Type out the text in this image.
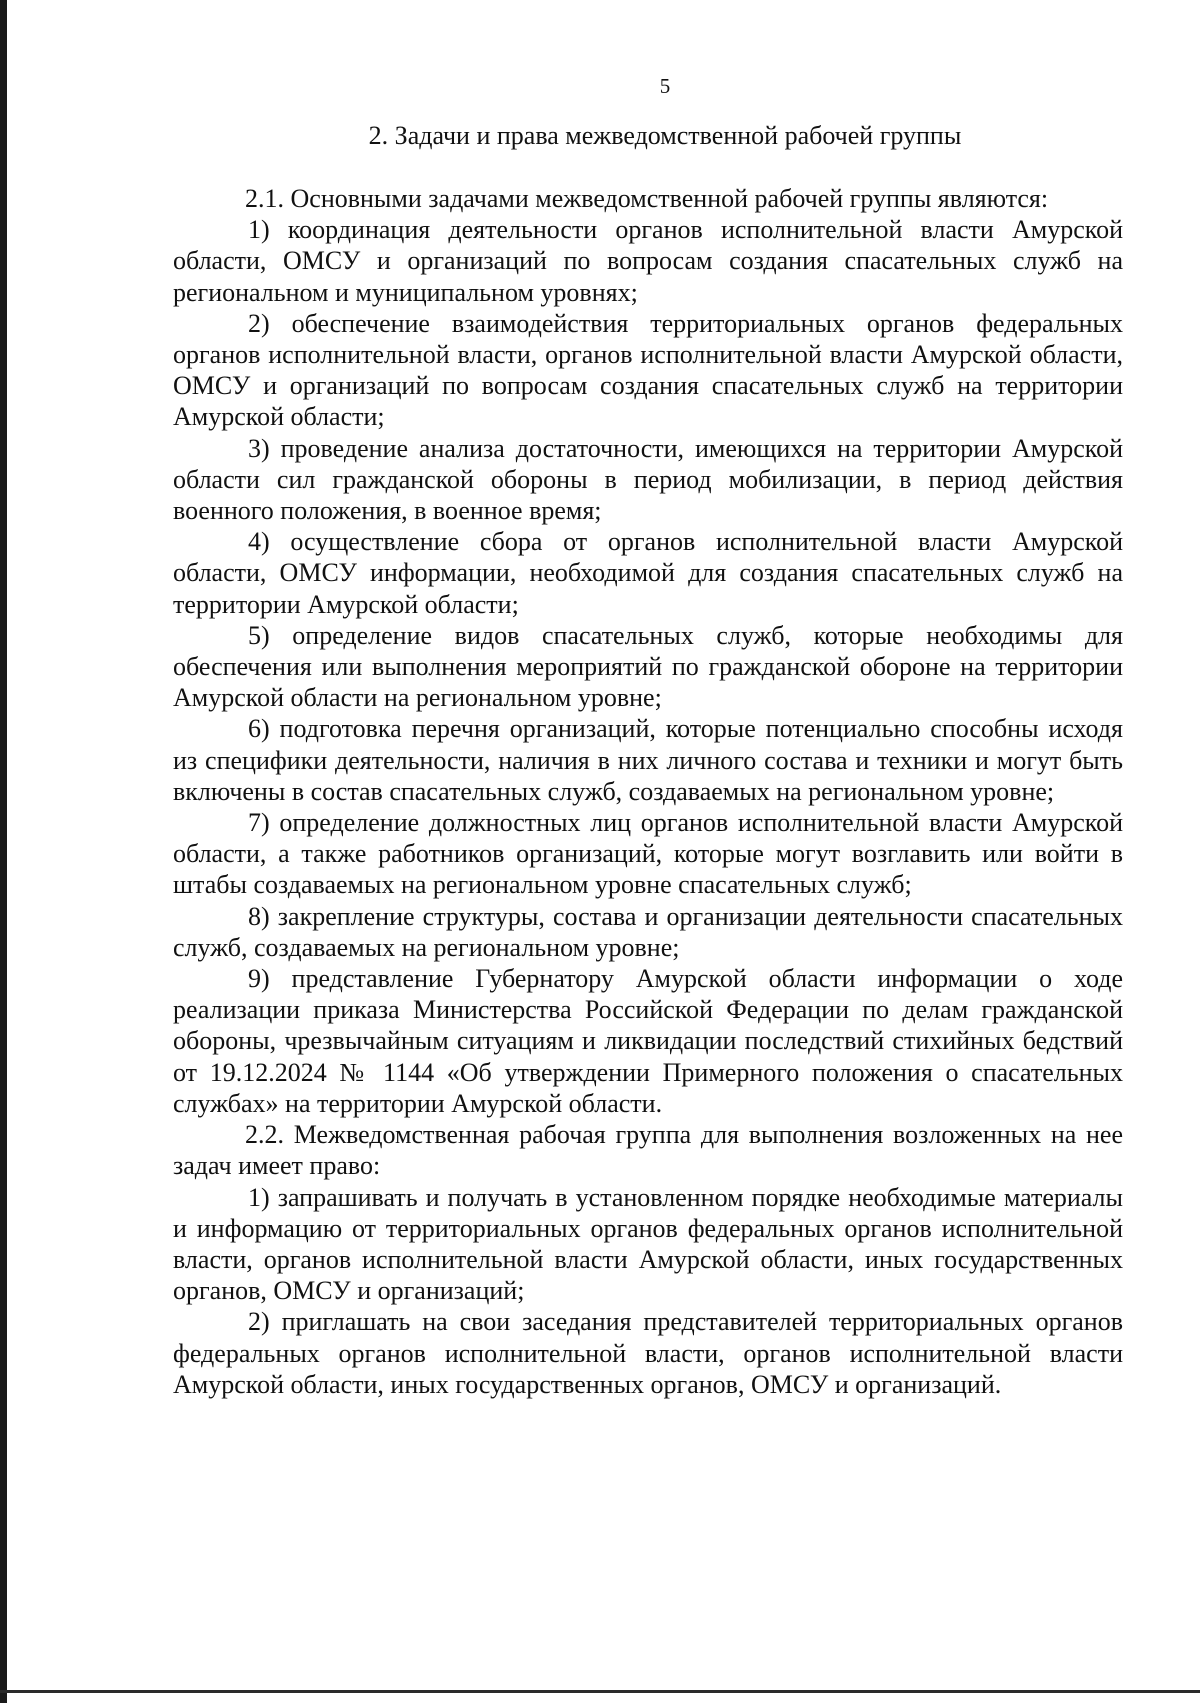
5
2. Задачи и права межведомственной рабочей группы

2.1. Основными задачами межведомственной рабочей группы являются:

1) координация деятельности органов исполнительной власти Амурской области, ОМСУ и организаций по вопросам создания спасательных служб на региональном и муниципальном уровнях;

2) обеспечение взаимодействия территориальных органов федеральных органов исполнительной власти, органов исполнительной власти Амурской области, ОМСУ и организаций по вопросам создания спасательных служб на территории Амурской области;

3) проведение анализа достаточности, имеющихся на территории Амурской области сил гражданской обороны в период мобилизации, в период действия военного положения, в военное время;

4) осуществление сбора от органов исполнительной власти Амурской области, ОМСУ информации, необходимой для создания спасательных служб на территории Амурской области;

5) определение видов спасательных служб, которые необходимы для обеспечения или выполнения мероприятий по гражданской обороне на территории Амурской области на региональном уровне;

6) подготовка перечня организаций, которые потенциально способны исходя из специфики деятельности, наличия в них личного состава и техники и могут быть включены в состав спасательных служб, создаваемых на региональном уровне;

7) определение должностных лиц органов исполнительной власти Амурской области, а также работников организаций, которые могут возглавить или войти в штабы создаваемых на региональном уровне спасательных служб;

8) закрепление структуры, состава и организации деятельности спасательных служб, создаваемых на региональном уровне;

9) представление Губернатору Амурской области информации о ходе реализации приказа Министерства Российской Федерации по делам гражданской обороны, чрезвычайным ситуациям и ликвидации последствий стихийных бедствий от 19.12.2024 № 1144 «Об утверждении Примерного положения о спасательных службах» на территории Амурской области.

2.2. Межведомственная рабочая группа для выполнения возложенных на нее задач имеет право:

1) запрашивать и получать в установленном порядке необходимые материалы и информацию от территориальных органов федеральных органов исполнительной власти, органов исполнительной власти Амурской области, иных государственных органов, ОМСУ и организаций;

2) приглашать на свои заседания представителей территориальных органов федеральных органов исполнительной власти, органов исполнительной власти Амурской области, иных государственных органов, ОМСУ и организаций.
